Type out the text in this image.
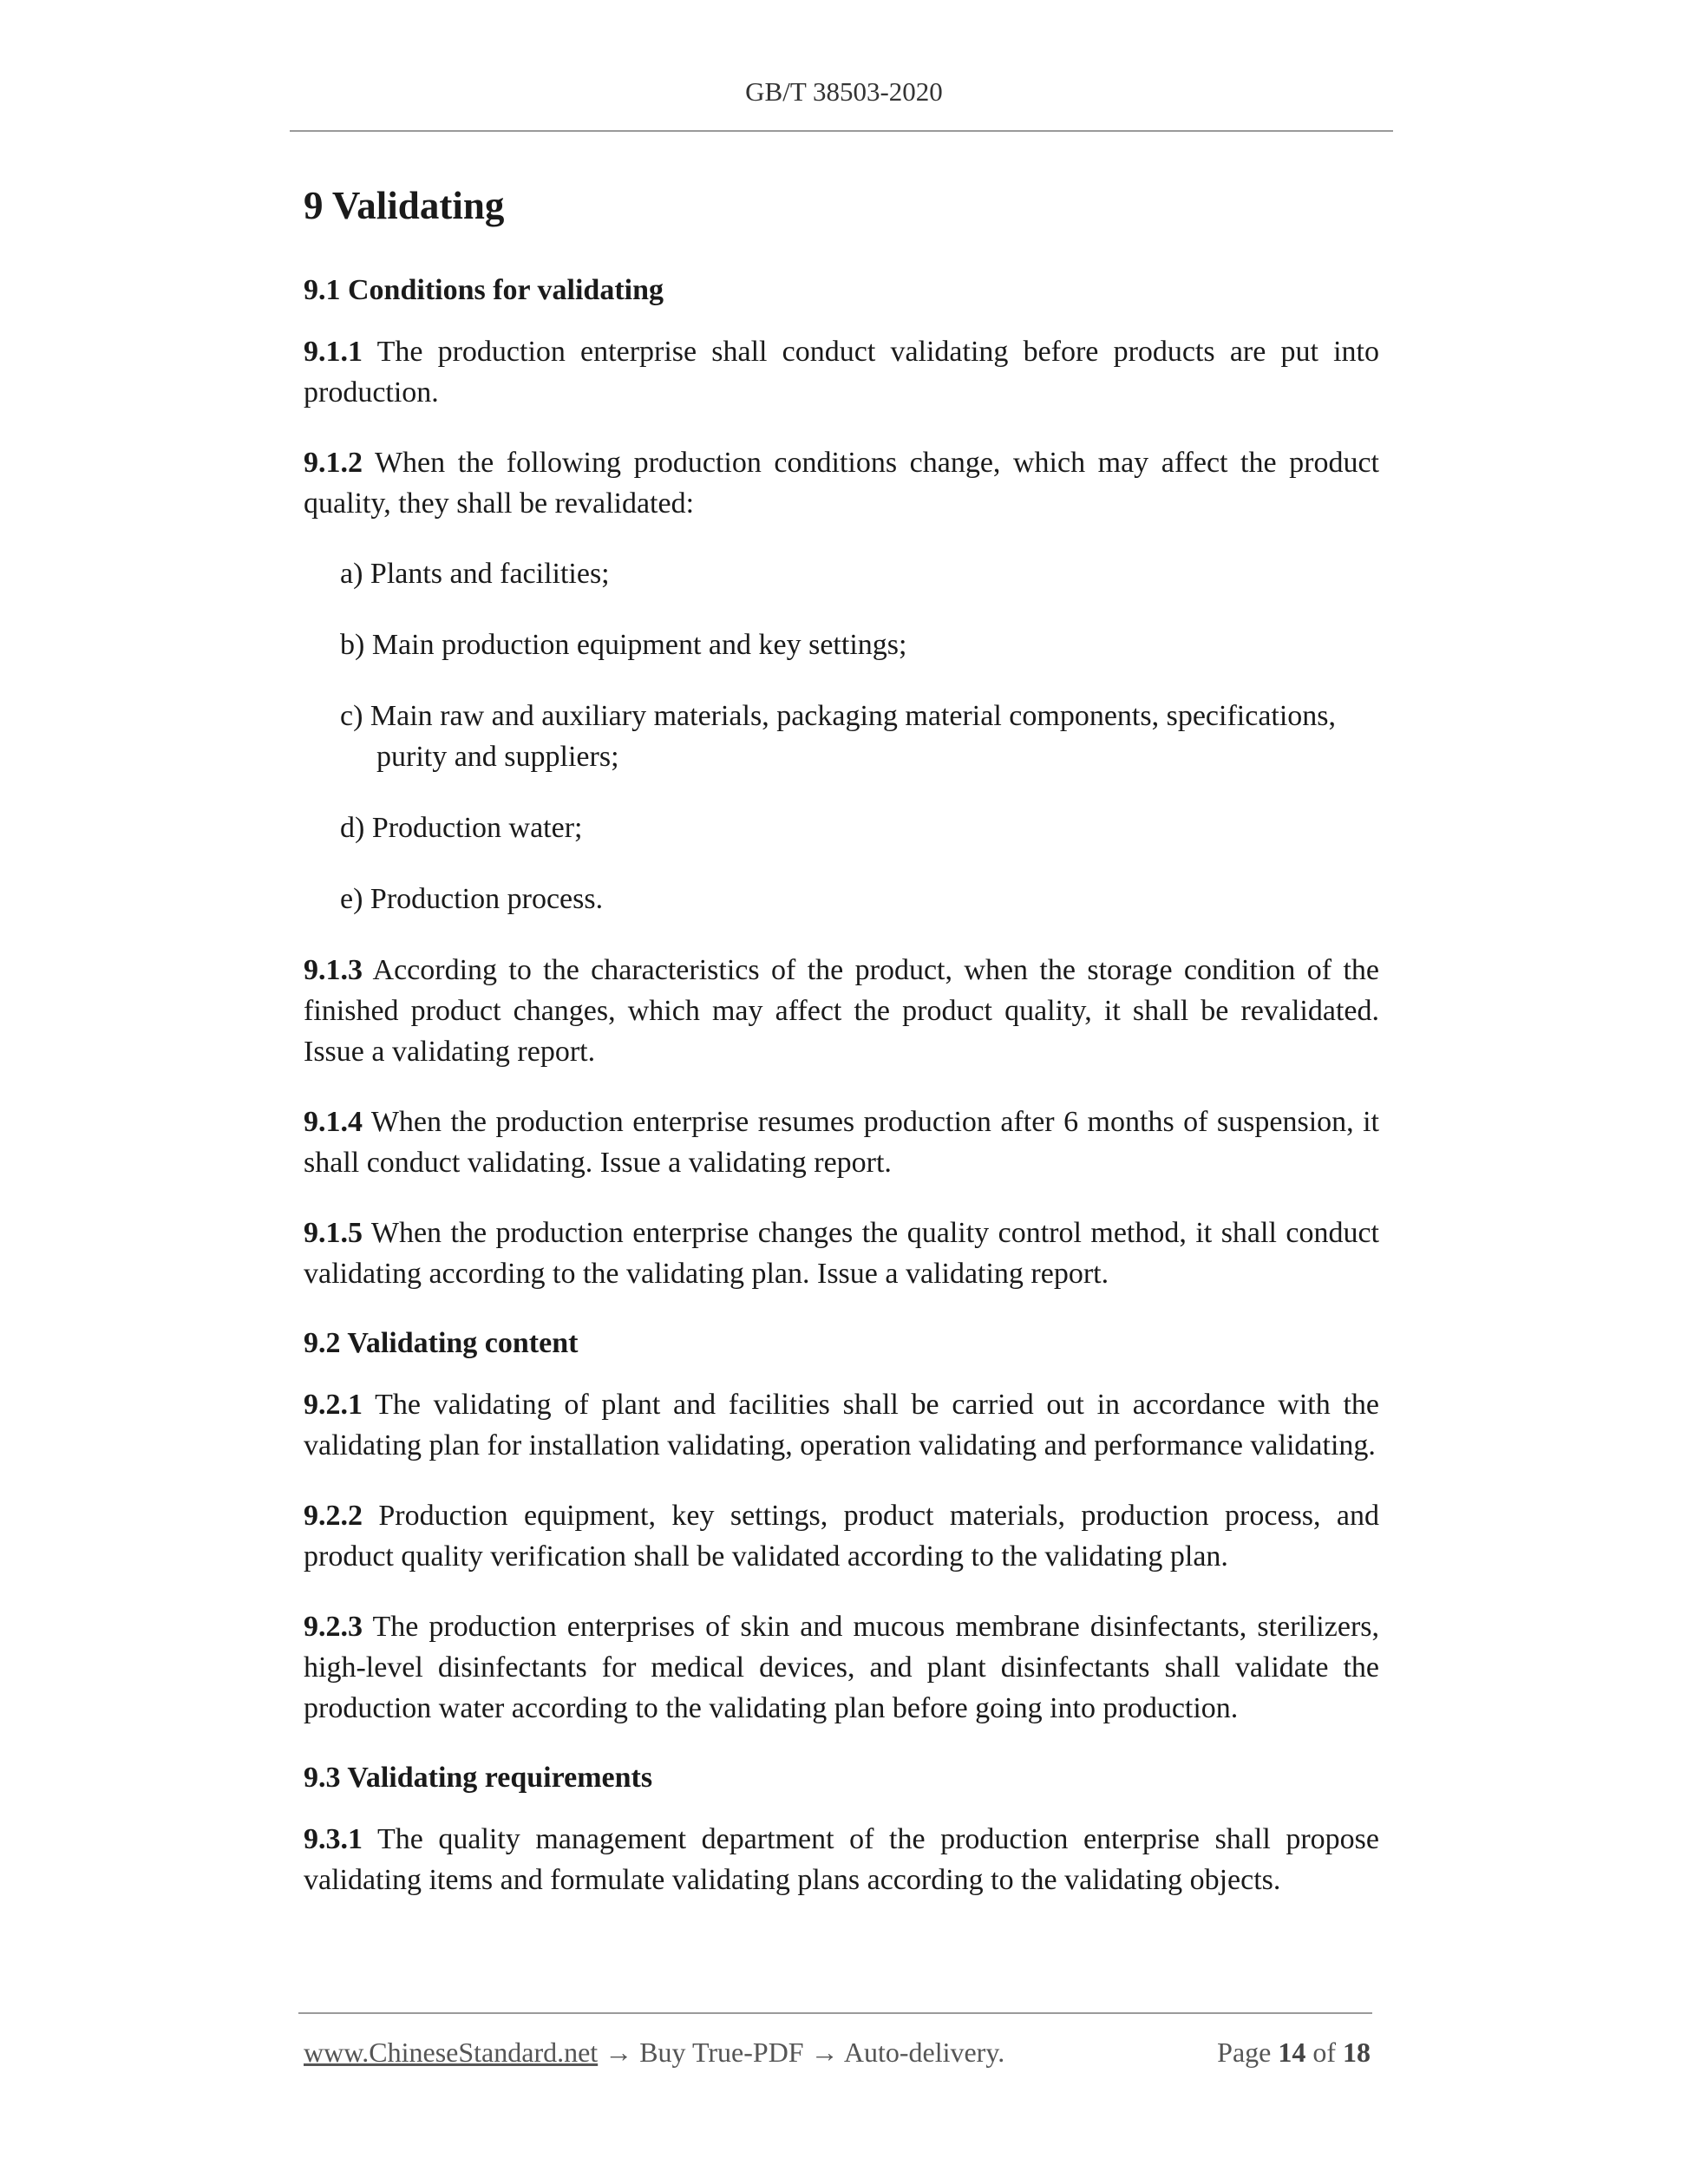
GB/T 38503-2020
9 Validating
9.1 Conditions for validating

9.1.1 The production enterprise shall conduct validating before products are put into production.

9.1.2 When the following production conditions change, which may affect the product quality, they shall be revalidated:

a) Plants and facilities;
b) Main production equipment and key settings;
c) Main raw and auxiliary materials, packaging material components, specifications, purity and suppliers;
d) Production water;
e) Production process.

9.1.3 According to the characteristics of the product, when the storage condition of the finished product changes, which may affect the product quality, it shall be revalidated. Issue a validating report.

9.1.4 When the production enterprise resumes production after 6 months of suspension, it shall conduct validating. Issue a validating report.

9.1.5 When the production enterprise changes the quality control method, it shall conduct validating according to the validating plan. Issue a validating report.

9.2 Validating content

9.2.1 The validating of plant and facilities shall be carried out in accordance with the validating plan for installation validating, operation validating and performance validating.

9.2.2 Production equipment, key settings, product materials, production process, and product quality verification shall be validated according to the validating plan.

9.2.3 The production enterprises of skin and mucous membrane disinfectants, sterilizers, high-level disinfectants for medical devices, and plant disinfectants shall validate the production water according to the validating plan before going into production.

9.3 Validating requirements

9.3.1 The quality management department of the production enterprise shall propose validating items and formulate validating plans according to the validating objects.

www.ChineseStandard.net → Buy True-PDF → Auto-delivery.	Page 14 of 18
